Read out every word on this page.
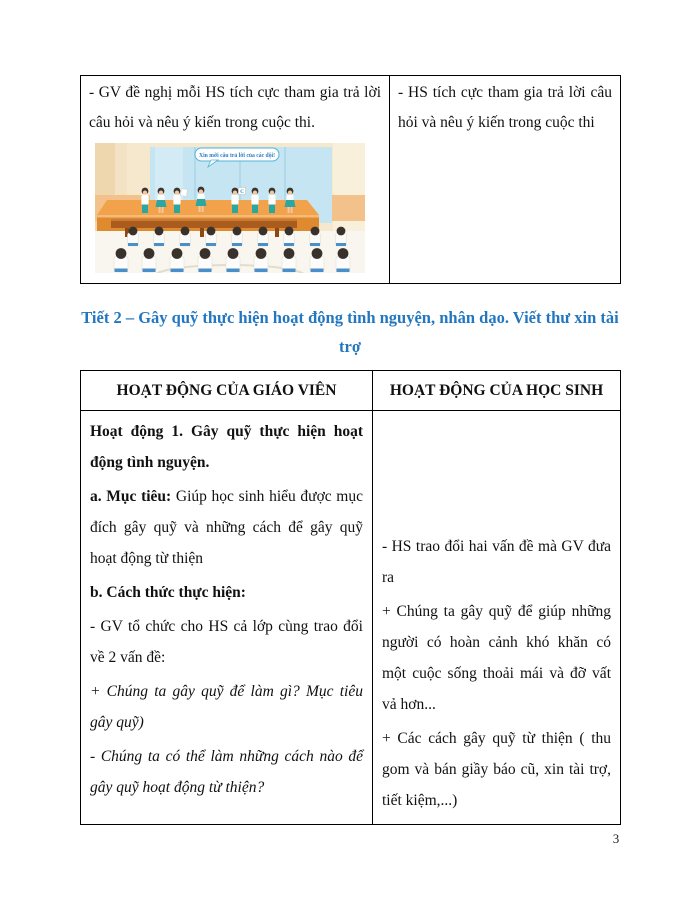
- GV đề nghị mỗi HS tích cực tham gia trả lời câu hỏi và nêu ý kiến trong cuộc thi.

C
Xin mời câu trả lời của các đội!

- HS tích cực tham gia trả lời câu hỏi và nêu ý kiến trong cuộc thi

Tiết 2 – Gây quỹ thực hiện hoạt động tình nguyện, nhân dạo. Viết thư xin tài
trợ
HOẠT ĐỘNG CỦA GIÁO VIÊN	HOẠT ĐỘNG CỦA HỌC SINH

Hoạt động 1. Gây quỹ thực hiện hoạt động tình nguyện.

a. Mục tiêu: Giúp học sinh hiểu được mục đích gây quỹ và những cách để gây quỹ hoạt động từ thiện

b. Cách thức thực hiện:

- GV tổ chức cho HS cả lớp cùng trao đổi về 2 vấn đề:

+ Chúng ta gây quỹ để làm gì? Mục tiêu gây quỹ)

- Chúng ta có thể làm những cách nào để gây quỹ hoạt động từ thiện?

- HS trao đổi hai vấn đề mà GV đưa ra

+ Chúng ta gây quỹ để giúp những người có hoàn cảnh khó khăn có một cuộc sống thoải mái và đỡ vất vả hơn...

+ Các cách gây quỹ từ thiện ( thu gom và bán giầy báo cũ, xin tài trợ, tiết kiệm,...)

3
